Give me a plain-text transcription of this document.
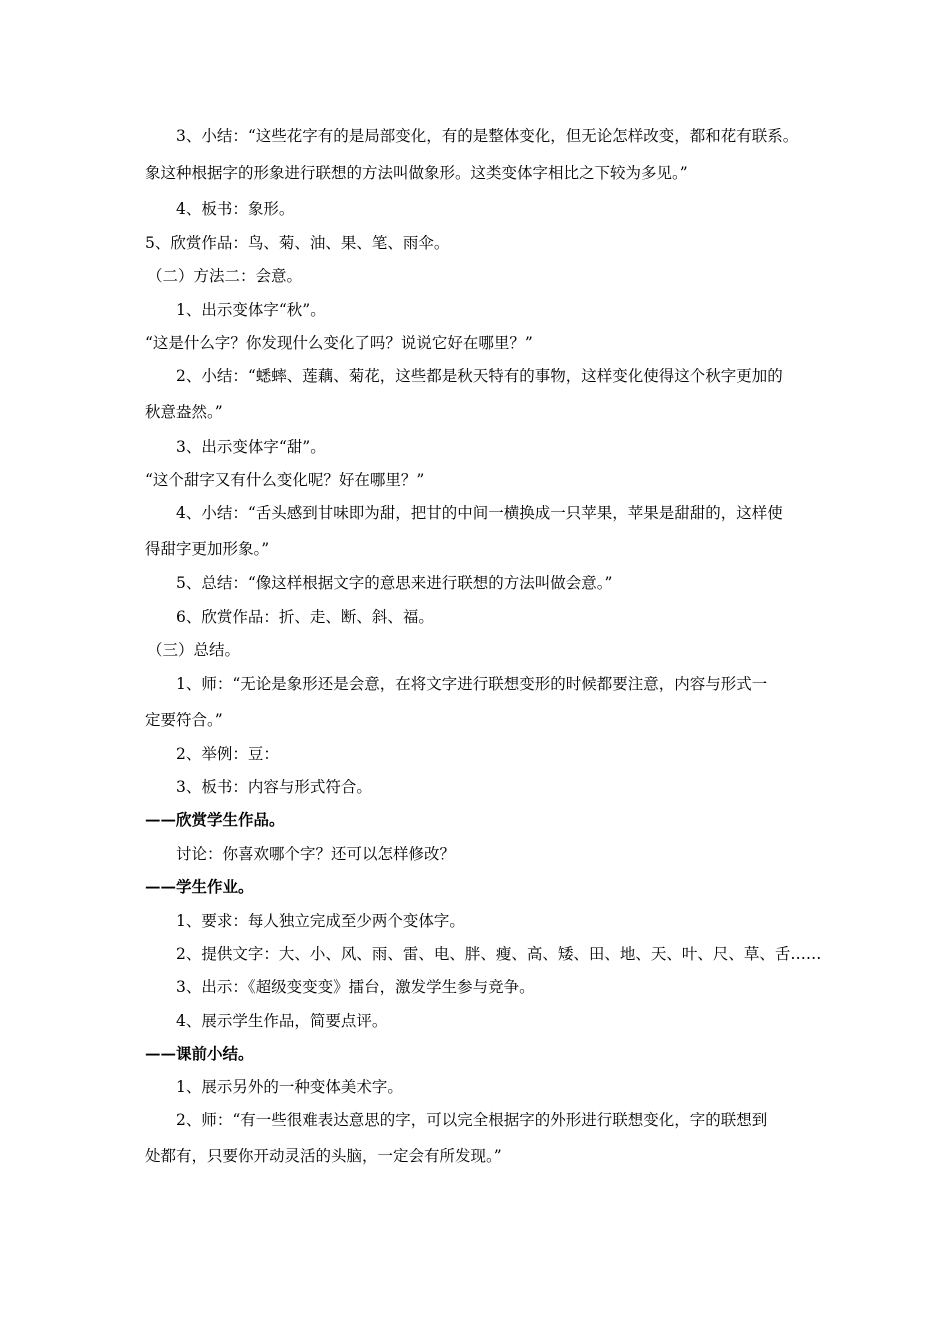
3、小结：“这些花字有的是局部变化，有的是整体变化，但无论怎样改变，都和花有联系。
象这种根据字的形象进行联想的方法叫做象形。这类变体字相比之下较为多见。”
4、板书：象形。
5、欣赏作品：鸟、菊、油、果、笔、雨伞。
（二）方法二：会意。
1、出示变体字“秋”。
“这是什么字？你发现什么变化了吗？说说它好在哪里？”
2、小结：“蟋蟀、莲藕、菊花，这些都是秋天特有的事物，这样变化使得这个秋字更加的
秋意盎然。”
3、出示变体字“甜”。
“这个甜字又有什么变化呢？好在哪里？”
4、小结：“舌头感到甘味即为甜，把甘的中间一横换成一只苹果，苹果是甜甜的，这样使
得甜字更加形象。”
5、总结：“像这样根据文字的意思来进行联想的方法叫做会意。”
6、欣赏作品：折、走、断、斜、福。
（三）总结。
1、师：“无论是象形还是会意，在将文字进行联想变形的时候都要注意，内容与形式一
定要符合。”
2、举例：豆：
3、板书：内容与形式符合。
——欣赏学生作品。
讨论：你喜欢哪个字？还可以怎样修改？
——学生作业。
1、要求：每人独立完成至少两个变体字。
2、提供文字：大、小、风、雨、雷、电、胖、瘦、高、矮、田、地、天、叶、尺、草、舌……
3、出示：《超级变变变》擂台，激发学生参与竞争。
4、展示学生作品，简要点评。
——课前小结。
1、展示另外的一种变体美术字。
2、师：“有一些很难表达意思的字，可以完全根据字的外形进行联想变化，字的联想到
处都有，只要你开动灵活的头脑，一定会有所发现。”
